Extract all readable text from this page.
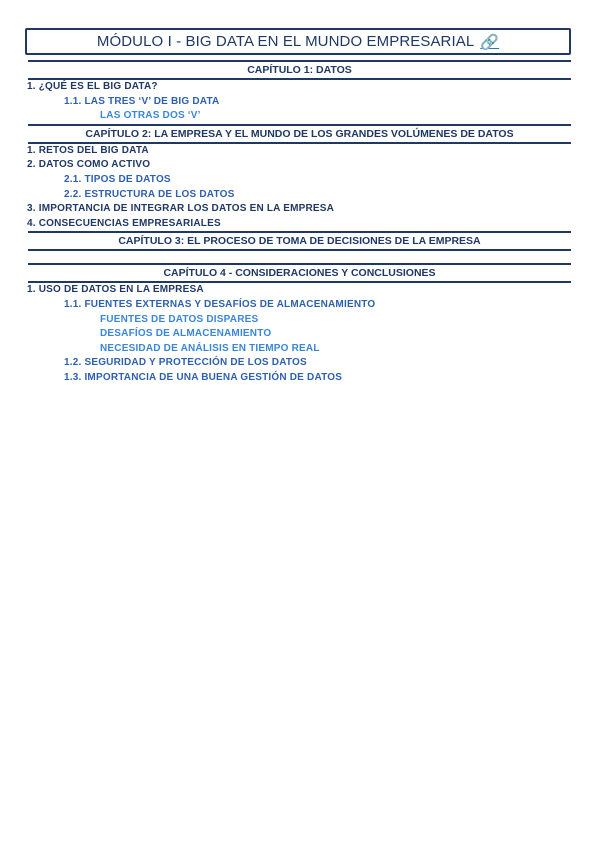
MÓDULO I - BIG DATA EN EL MUNDO EMPRESARIAL 🔗
CAPÍTULO 1: DATOS
1. ¿QUÉ ES EL BIG DATA?
1.1. LAS TRES ‘V’ DE BIG DATA
LAS OTRAS DOS ‘V’
CAPÍTULO 2: LA EMPRESA Y EL MUNDO DE LOS GRANDES VOLÚMENES DE DATOS
1. RETOS DEL BIG DATA
2. DATOS COMO ACTIVO
2.1. TIPOS DE DATOS
2.2. ESTRUCTURA DE LOS DATOS
3. IMPORTANCIA DE INTEGRAR LOS DATOS EN LA EMPRESA
4. CONSECUENCIAS EMPRESARIALES
CAPÍTULO 3: EL PROCESO DE TOMA DE DECISIONES DE LA EMPRESA
CAPÍTULO 4 - CONSIDERACIONES Y CONCLUSIONES
1. USO DE DATOS EN LA EMPRESA
1.1. FUENTES EXTERNAS Y DESAFÍOS DE ALMACENAMIENTO
FUENTES DE DATOS DISPARES
DESAFÍOS DE ALMACENAMIENTO
NECESIDAD DE ANÁLISIS EN TIEMPO REAL
1.2. SEGURIDAD Y PROTECCIÓN DE LOS DATOS
1.3. IMPORTANCIA DE UNA BUENA GESTIÓN DE DATOS
